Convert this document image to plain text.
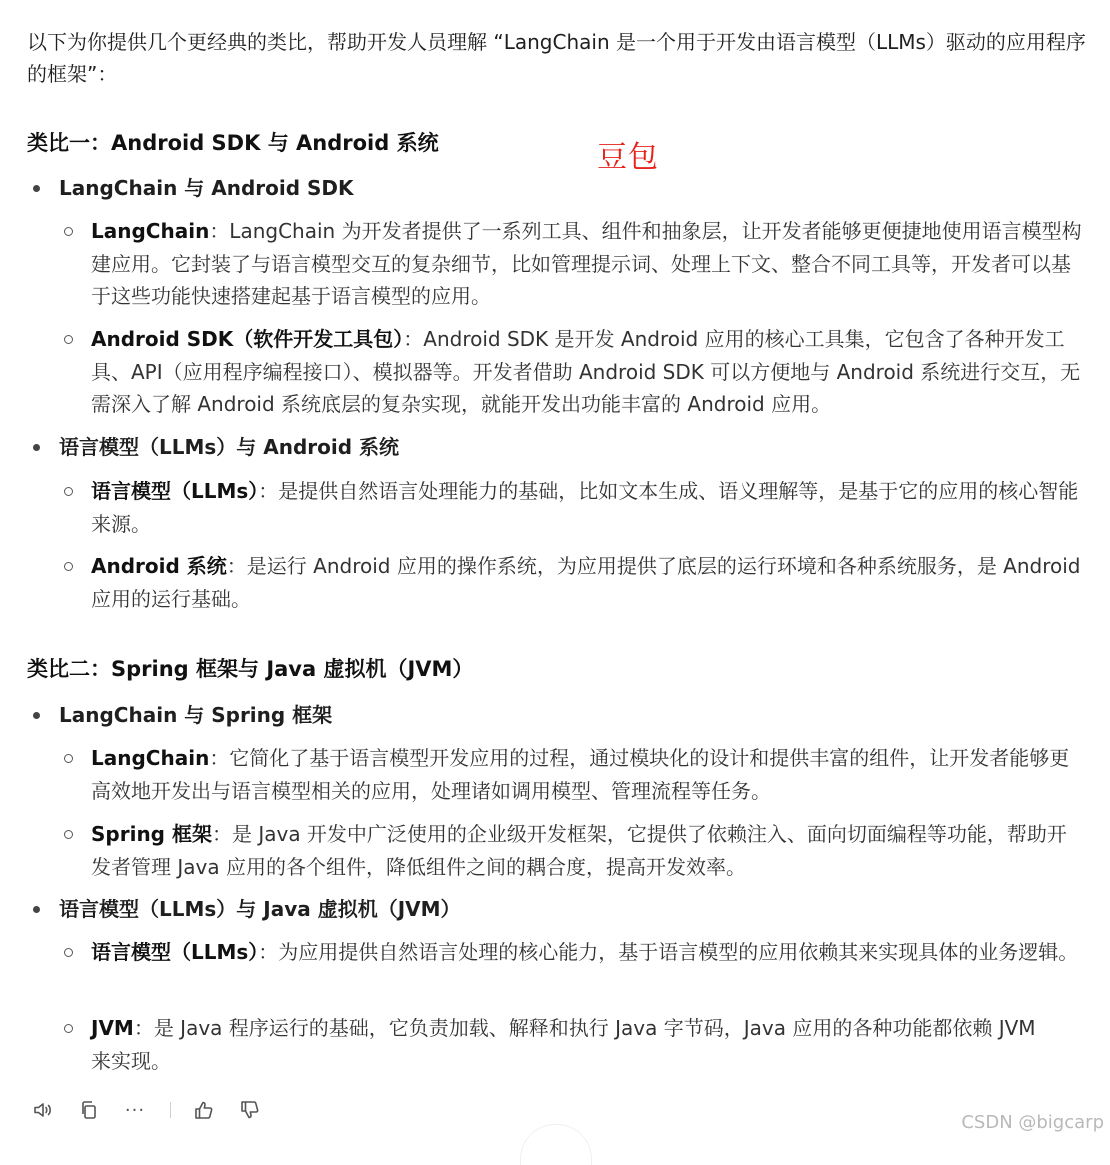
以下为你提供几个更经典的类比，帮助开发人员理解 “LangChain 是一个用于开发由语言模型（LLMs）驱动的应用程序的框架”：

豆包
类比一：Android SDK 与 Android 系统
LangChain 与 Android SDK
LangChain：LangChain 为开发者提供了一系列工具、组件和抽象层，让开发者能够更便捷地使用语言模型构建应用。它封装了与语言模型交互的复杂细节，比如管理提示词、处理上下文、整合不同工具等，开发者可以基于这些功能快速搭建起基于语言模型的应用。
Android SDK（软件开发工具包）：Android SDK 是开发 Android 应用的核心工具集，它包含了各种开发工具、API（应用程序编程接口）、模拟器等。开发者借助 Android SDK 可以方便地与 Android 系统进行交互，无需深入了解 Android 系统底层的复杂实现，就能开发出功能丰富的 Android 应用。
语言模型（LLMs）与 Android 系统
语言模型（LLMs）：是提供自然语言处理能力的基础，比如文本生成、语义理解等，是基于它的应用的核心智能来源。
Android 系统：是运行 Android 应用的操作系统，为应用提供了底层的运行环境和各种系统服务，是 Android 应用的运行基础。
类比二：Spring 框架与 Java 虚拟机（JVM）
LangChain 与 Spring 框架
LangChain：它简化了基于语言模型开发应用的过程，通过模块化的设计和提供丰富的组件，让开发者能够更高效地开发出与语言模型相关的应用，处理诸如调用模型、管理流程等任务。
Spring 框架：是 Java 开发中广泛使用的企业级开发框架，它提供了依赖注入、面向切面编程等功能，帮助开发者管理 Java 应用的各个组件，降低组件之间的耦合度，提高开发效率。
语言模型（LLMs）与 Java 虚拟机（JVM）
语言模型（LLMs）：为应用提供自然语言处理的核心能力，基于语言模型的应用依赖其来实现具体的业务逻辑。
JVM：是 Java 程序运行的基础，它负责加载、解释和执行 Java 字节码，Java 应用的各种功能都依赖 JVM 来实现。
···
CSDN @bigcarp
